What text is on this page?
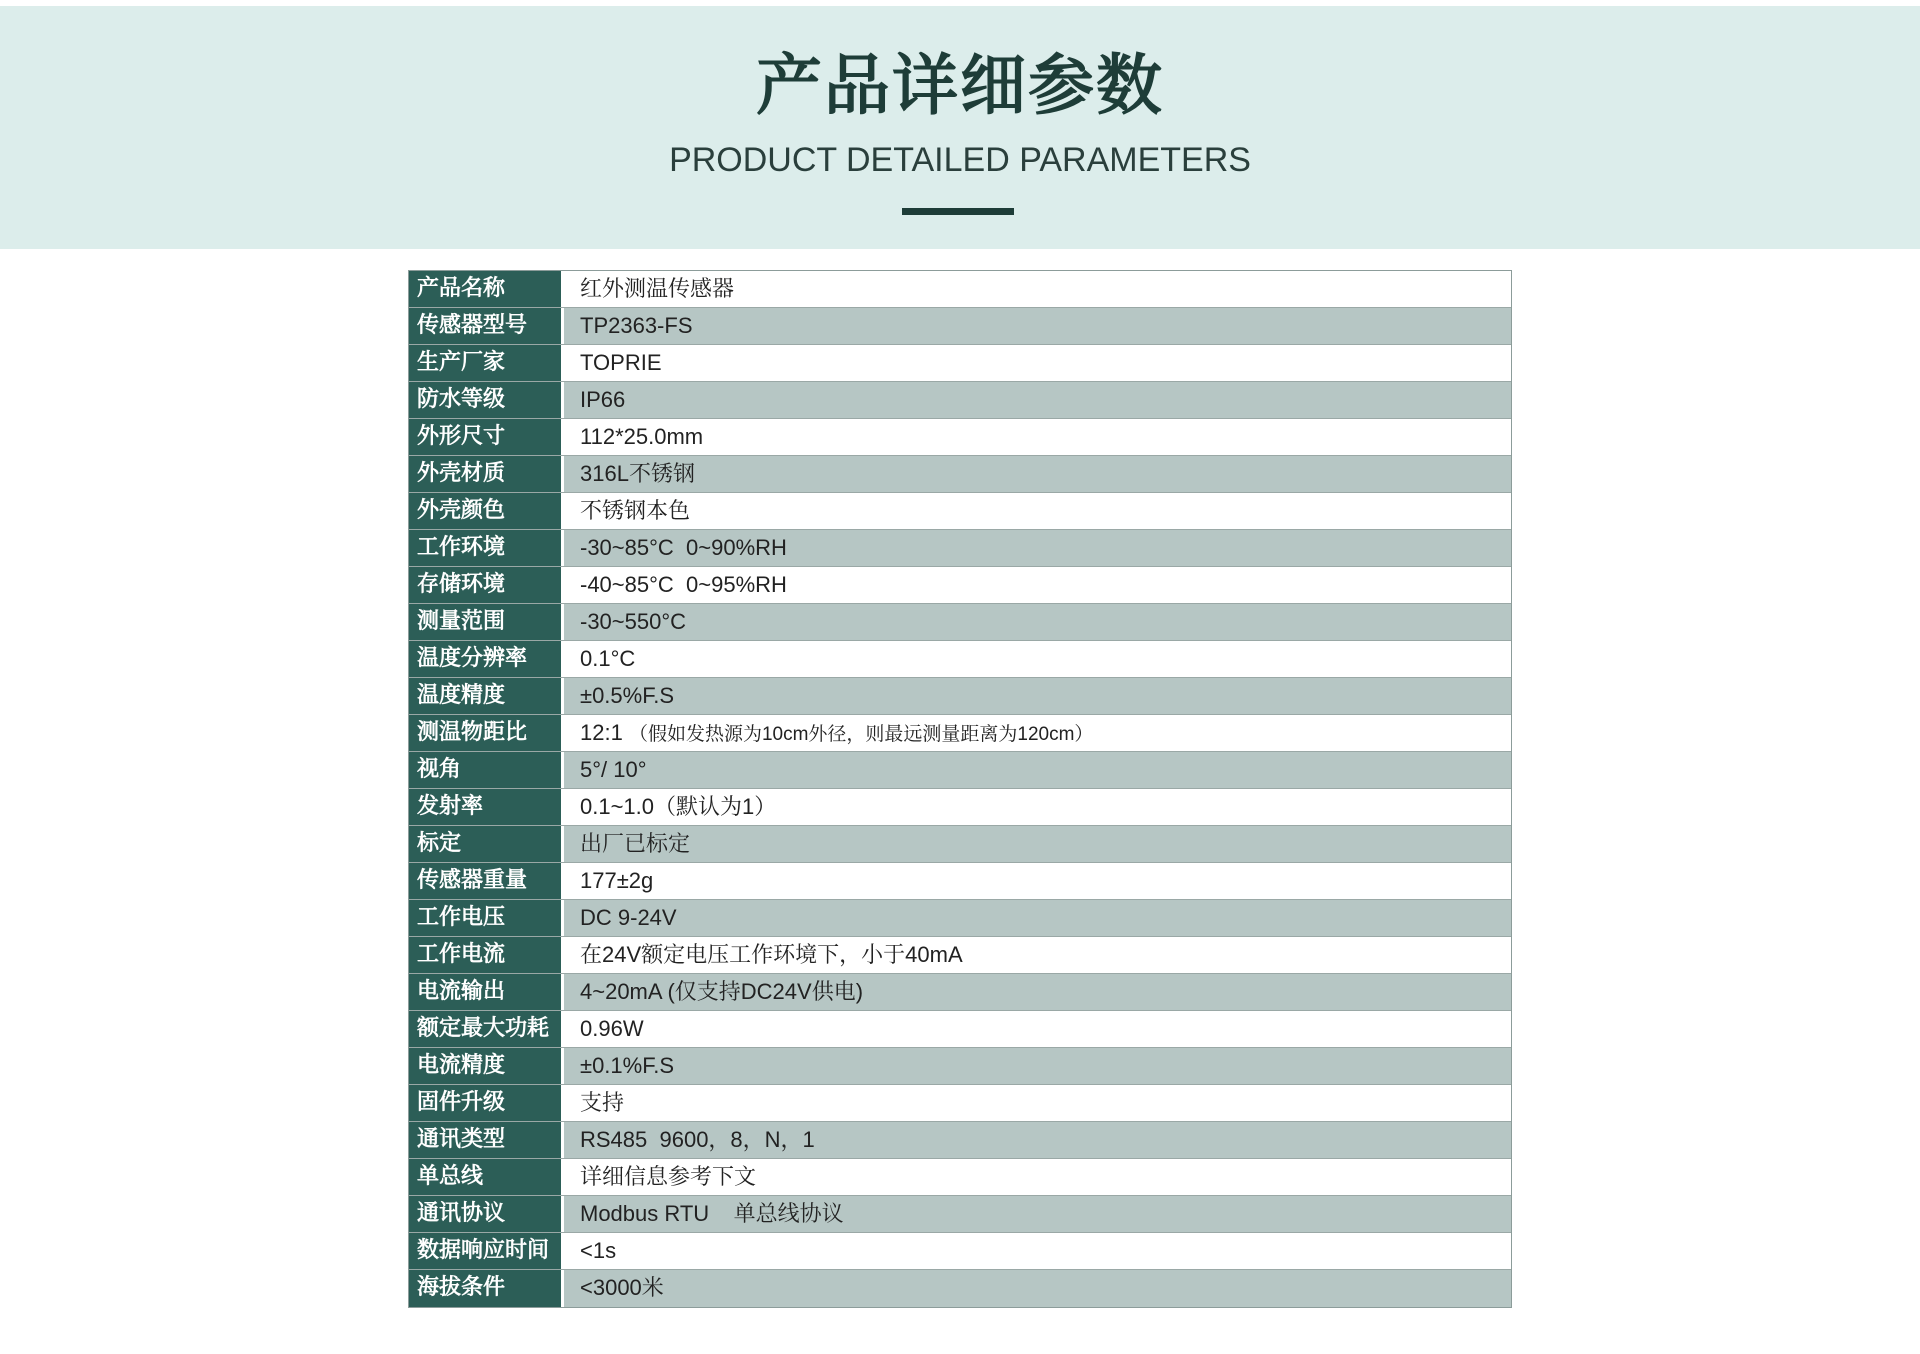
产品详细参数
PRODUCT DETAILED PARAMETERS
产品名称	红外测温传感器
传感器型号	TP2363-FS
生产厂家	TOPRIE
防水等级	IP66
外形尺寸	112*25.0mm
外壳材质	316L不锈钢
外壳颜色	不锈钢本色
工作环境	-30~85°C  0~90%RH
存储环境	-40~85°C  0~95%RH
测量范围	-30~550°C
温度分辨率	0.1°C
温度精度	±0.5%F.S
测温物距比	12:1 （假如发热源为10cm外径，则最远测量距离为120cm）
视角	5°/ 10°
发射率	0.1~1.0（默认为1）
标定	出厂已标定
传感器重量	177±2g
工作电压	DC 9-24V
工作电流	在24V额定电压工作环境下，小于40mA
电流输出	4~20mA (仅支持DC24V供电)
额定最大功耗	0.96W
电流精度	±0.1%F.S
固件升级	支持
通讯类型	RS485  9600，8，N，1
单总线	详细信息参考下文
通讯协议	Modbus RTU    单总线协议
数据响应时间	<1s
海拔条件	<3000米
